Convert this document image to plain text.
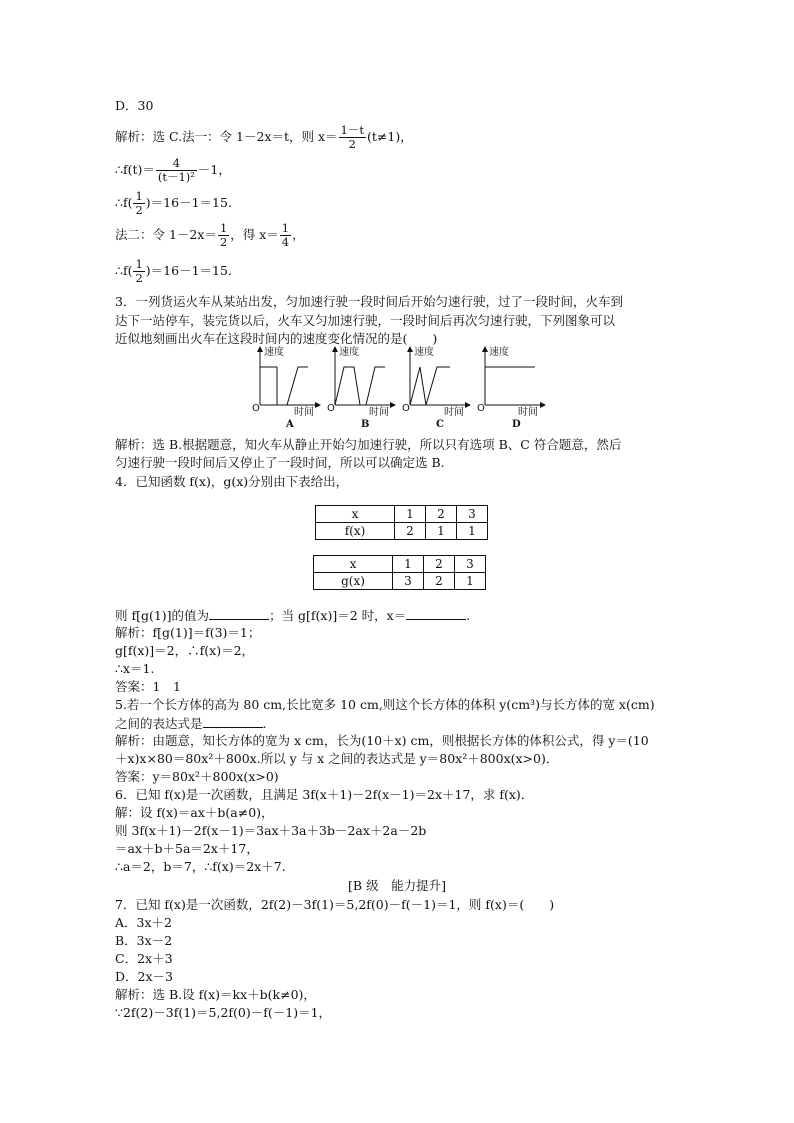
D．30
解析：选 C.法一：令 1－2x＝t，则 $x= \frac{1-t}{2} (t\ne 1)$，
∴f(t)＝ $\frac{4}{\text{(t－1)²}} -1$，
∴f( $\frac{1}{2} )=16-1=15$.
法二：令 $1-2x= \frac{1}{2}$ ，得 $x= \frac{1}{4}$ ，
∴f( $\frac{1}{2} )=16-1=15$.
3．一列货运火车从某站出发，匀加速行驶一段时间后开始匀速行驶，过了一段时间，火车到
达下一站停车，装完货以后，火车又匀加速行驶，一段时间后再次匀速行驶，下列图象可以
近似地刻画出火车在这段时间内的速度变化情况的是(　　)
速度
时间
O
A
速度
时间
O
B
速度
时间
O
C
速度
时间
O
D
解析：选 B.根据题意，知火车从静止开始匀加速行驶，所以只有选项 B、C 符合题意，然后
匀速行驶一段时间后又停止了一段时间，所以可以确定选 B.
4．已知函数 f(x)，g(x)分别由下表给出，
x	1	2	3
f(x)	2	1	1
x	1	2	3
g(x)	3	2	1
则 f[g(1)]的值为	；当 g[f(x)]＝2 时，x＝	.
解析：f[g(1)]＝f(3)＝1；
g[f(x)]＝2，∴f(x)＝2，
∴x＝1.
答案：1　1
5.若一个长方体的高为 80 cm,长比宽多 10 cm,则这个长方体的体积 y(cm³)与长方体的宽 x(cm)
之间的表达式是	.
解析：由题意，知长方体的宽为 x cm，长为(10＋x) cm，则根据长方体的体积公式，得 y＝(10
＋x)x×80＝80x²＋800x.所以 y 与 x 之间的表达式是 y＝80x²＋800x(x>0)．
答案：y＝80x²＋800x(x>0)
6．已知 f(x)是一次函数，且满足 3f(x＋1)－2f(x－1)＝2x＋17，求 f(x)．
解：设 f(x)＝ax＋b(a≠0)，
则 3f(x＋1)－2f(x－1)＝3ax＋3a＋3b－2ax＋2a－2b
＝ax＋b＋5a＝2x＋17，
∴a＝2，b＝7，∴f(x)＝2x＋7.
[B 级　能力提升]
7．已知 f(x)是一次函数，2f(2)－3f(1)＝5,2f(0)－f(－1)＝1，则 f(x)＝(　　)
A．3x＋2
B．3x－2
C．2x＋3
D．2x－3
解析：选 B.设 f(x)＝kx＋b(k≠0)，
∵2f(2)－3f(1)＝5,2f(0)－f(－1)＝1，
